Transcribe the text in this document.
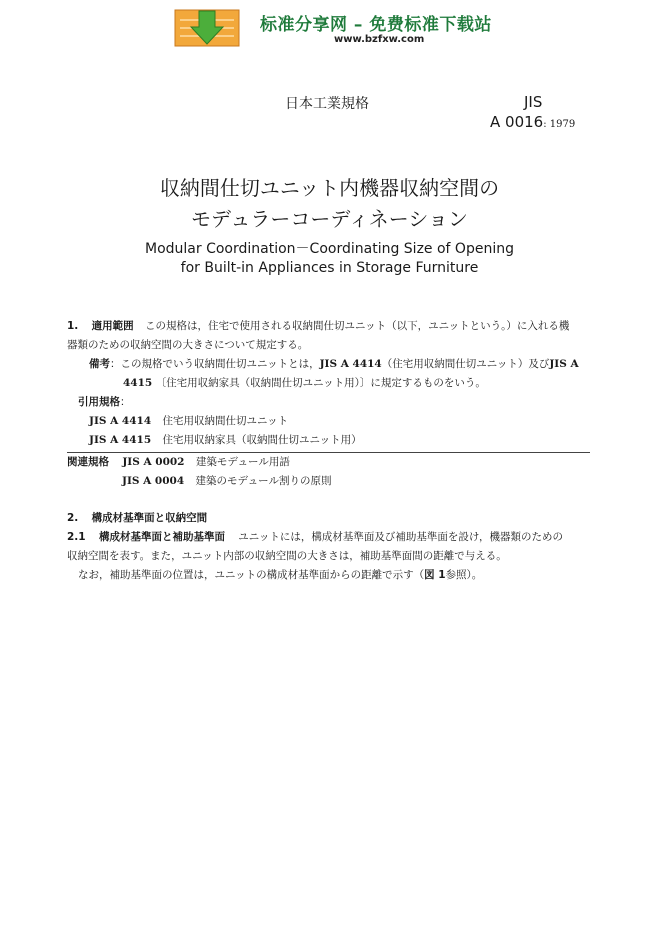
标准分享网 – 免费标准下载站
www.bzfxw.com
日本工業規格	JIS
A 0016: 1979
収納間仕切ユニット内機器収納空間の
モデュラーコーディネーション
Modular Coordination－Coordinating Size of Opening
for Built-in Appliances in Storage Furniture
1. 適用範囲 この規格は，住宅で使用される収納間仕切ユニット（以下，ユニットという。）に入れる機
器類のための収納空間の大きさについて規定する。
備考：この規格でいう収納間仕切ユニットとは，JIS A 4414（住宅用収納間仕切ユニット）及びJIS A
4415 〔住宅用収納家具（収納間仕切ユニット用）〕に規定するものをいう。
引用規格：
JIS A 4414 住宅用収納間仕切ユニット
JIS A 4415 住宅用収納家具（収納間仕切ユニット用）
関連規格 JIS A 0002 建築モデュール用語
JIS A 0004 建築のモデュール割りの原則
2. 構成材基準面と収納空間
2.1 構成材基準面と補助基準面 ユニットには，構成材基準面及び補助基準面を設け，機器類のための
収納空間を表す。また，ユニット内部の収納空間の大きさは，補助基準面間の距離で与える。
なお，補助基準面の位置は，ユニットの構成材基準面からの距離で示す（図 1参照）。
